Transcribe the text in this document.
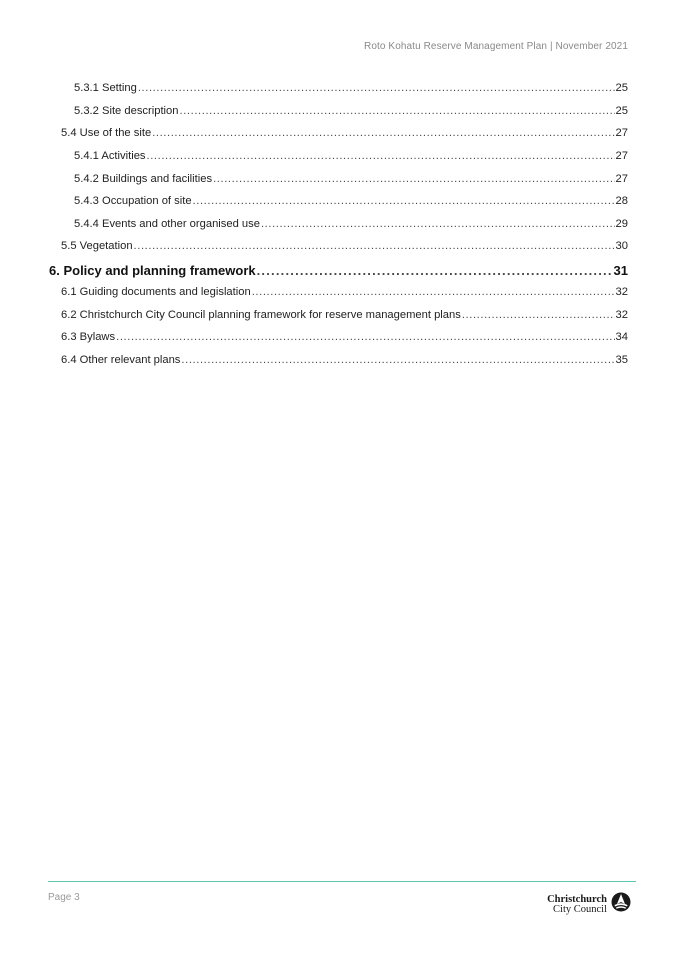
Roto Kohatu Reserve Management Plan | November 2021
5.3.1 Setting .....	25
5.3.2 Site description .....	25
5.4 Use of the site .....	27
5.4.1 Activities .....	27
5.4.2 Buildings and facilities .....	27
5.4.3 Occupation of site .....	28
5.4.4 Events and other organised use .....	29
5.5 Vegetation .....	30
6. Policy and planning framework .....	31
6.1 Guiding documents and legislation .....	32
6.2 Christchurch City Council planning framework for reserve management plans .....	32
6.3 Bylaws .....	34
6.4 Other relevant plans .....	35
Page 3	Christchurch
City Council
